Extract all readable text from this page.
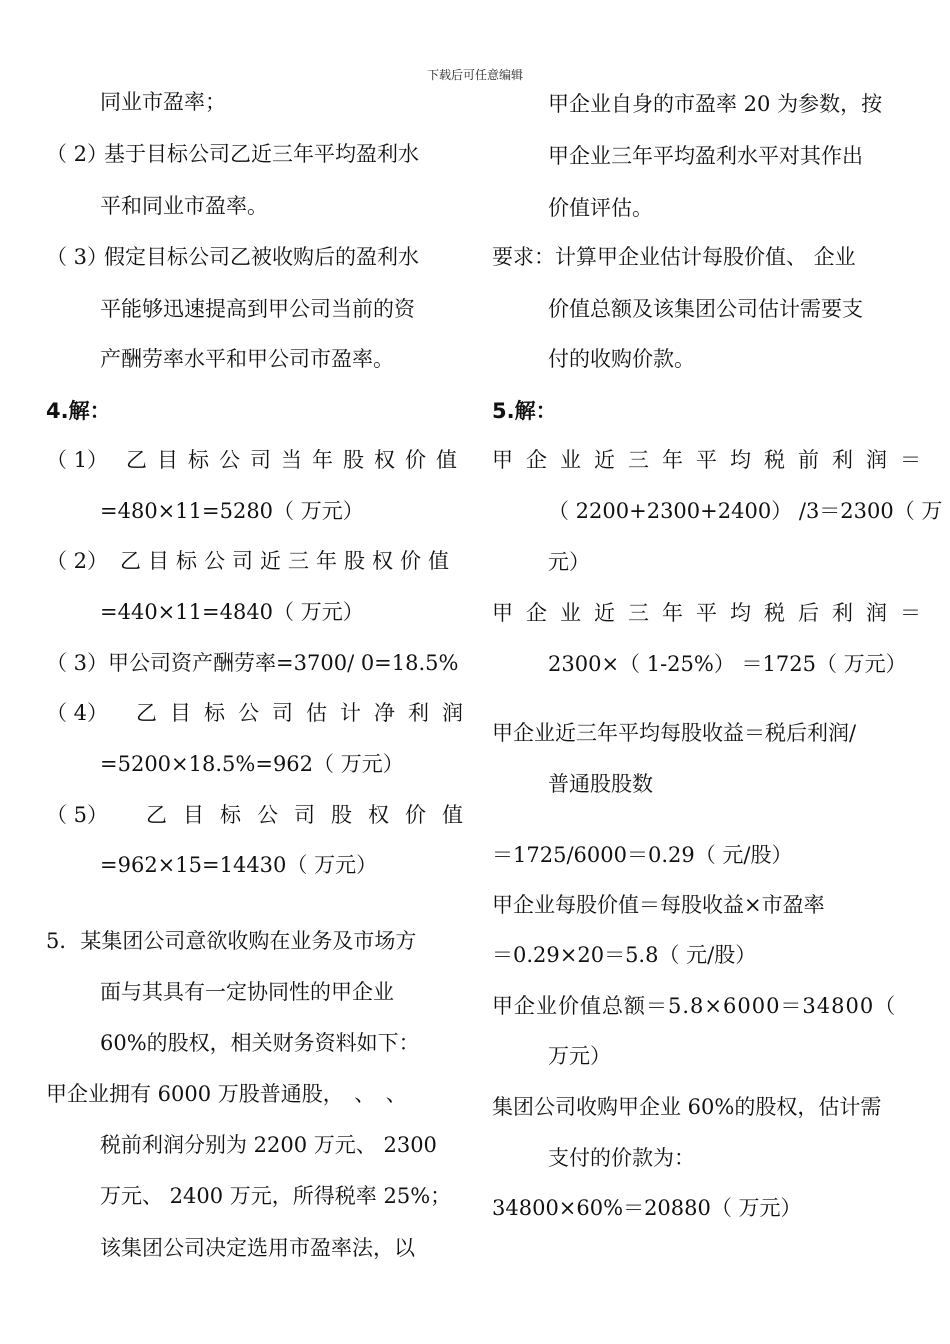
下载后可任意编辑
同业市盈率；
（ 2）
基于目标公司乙近三年平均盈利水
平和同业市盈率。
（ 3）
假定目标公司乙被收购后的盈利水
平能够迅速提高到甲公司当前的资
产酬劳率水平和甲公司市盈率。
4.解：
（ 1） 乙目标公司当年股权价值
=480×11=5280（ 万元）
（ 2） 乙目标公司近三年股权价值
=440×11=4840（ 万元）
（ 3）甲公司资产酬劳率=3700/ 0=18.5%
（ 4） 乙目标公司估计净利润
=5200×18.5%=962（ 万元）
（ 5） 乙目标公司股权价值
=962×15=14430（ 万元）
5．某集团公司意欲收购在业务及市场方
面与其具有一定协同性的甲企业
60%的股权，相关财务资料如下：
甲企业拥有 6000 万股普通股，　、　、
税前利润分别为 2200 万元、 2300
万元、 2400 万元，所得税率 25%；
该集团公司决定选用市盈率法，以
甲企业自身的市盈率 20 为参数，按
甲企业三年平均盈利水平对其作出
价值评估。
要求：计算甲企业估计每股价值、 企业
价值总额及该集团公司估计需要支
付的收购价款。
5.解：
甲企业近三年平均税前利润＝
（ 2200+2300+2400） /3＝2300（ 万
元）
甲企业近三年平均税后利润＝
2300×（ 1-25%） ＝1725（ 万元）
甲企业近三年平均每股收益＝税后利润/
普通股股数
＝1725/6000＝0.29（ 元/股）
甲企业每股价值＝每股收益×市盈率
＝0.29×20＝5.8（ 元/股）
甲企业价值总额＝5.8×6000＝34800（
万元）
集团公司收购甲企业 60%的股权，估计需
支付的价款为：
34800×60%＝20880（ 万元）
